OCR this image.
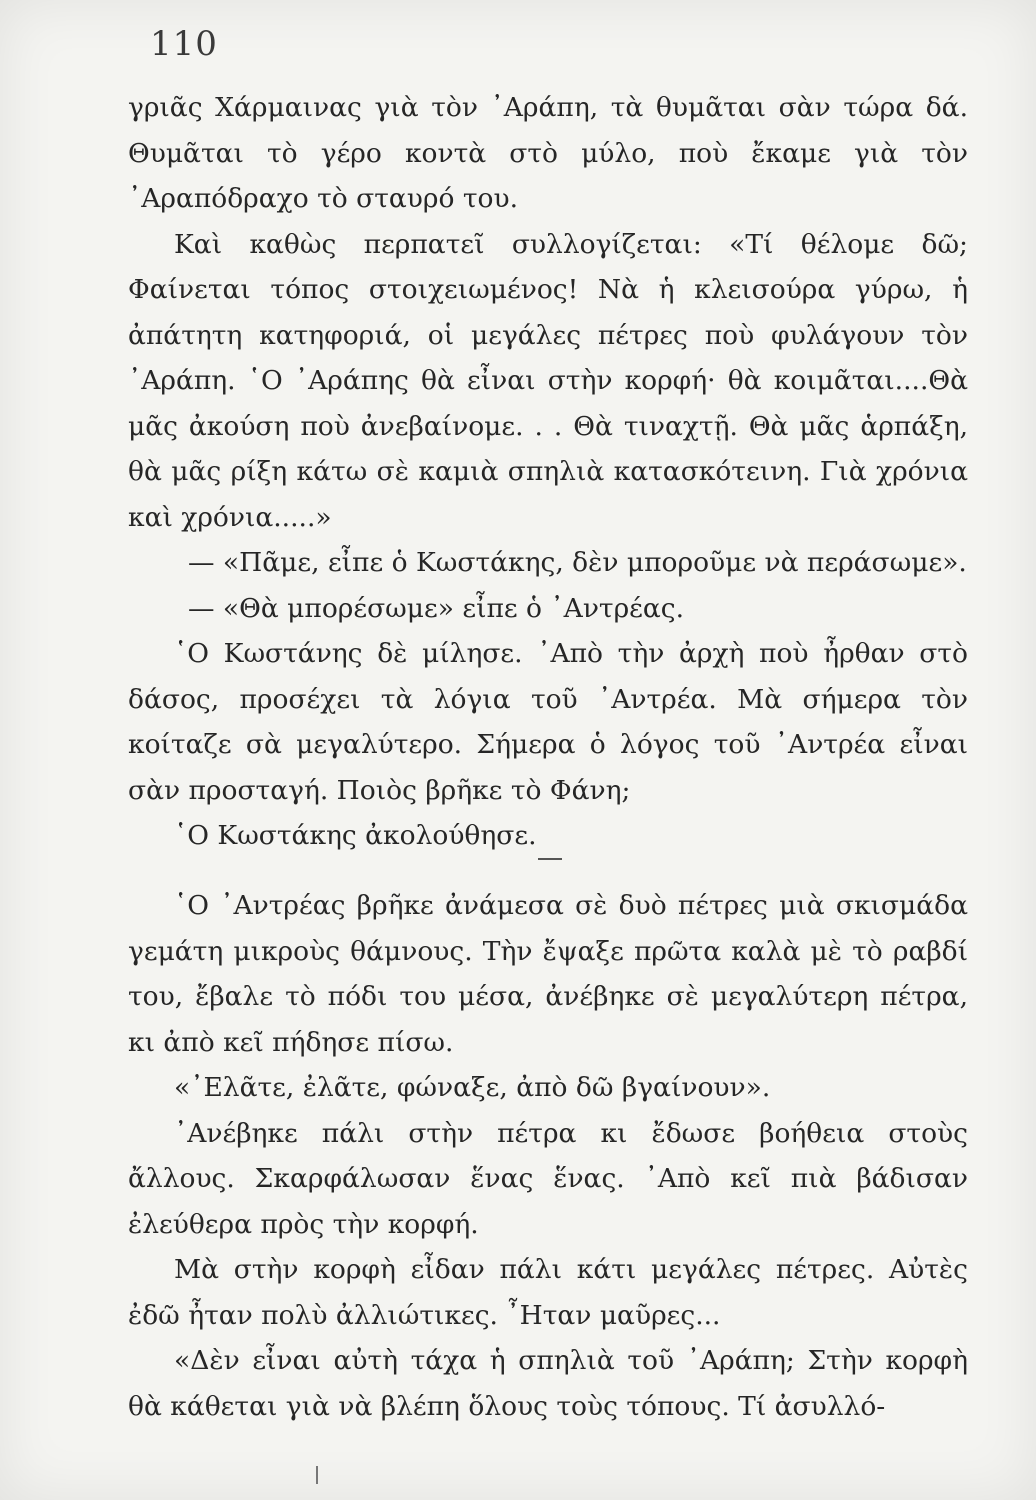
110

γριᾶς Χάρμαινας γιὰ τὸν ᾿Αράπη, τὰ θυμᾶται σὰν τώρα δά. Θυμᾶται τὸ γέρο κοντὰ στὸ μύλο, ποὺ ἔκαμε γιὰ τὸν ᾿Αραπόδραχο τὸ σταυρό του.

Καὶ καθὼς περπατεῖ συλλογίζεται: «Τί θέλομε δῶ; Φαίνεται τόπος στοιχειωμένος! Νὰ ἡ κλεισούρα γύρω, ἡ ἀπάτητη κατηφοριά, οἱ μεγάλες πέτρες ποὺ φυλάγουν τὸν ᾿Αράπη. ῾Ο ᾿Αράπης θὰ εἶναι στὴν κορφή· θὰ κοιμᾶται....Θὰ μᾶς ἀκούση ποὺ ἀνεβαίνομε. . . Θὰ τιναχτῇ. Θὰ μᾶς ἁρπάξη, θὰ μᾶς ρίξη κάτω σὲ καμιὰ σπηλιὰ κατασκότεινη. Γιὰ χρόνια καὶ χρόνια.....»

— «Πᾶμε, εἶπε ὁ Κωστάκης, δὲν μποροῦμε νὰ περάσωμε».

— «Θὰ μπορέσωμε» εἶπε ὁ ᾿Αντρέας.

῾Ο Κωστάνης δὲ μίλησε. ᾿Απὸ τὴν ἀρχὴ ποὺ ἦρθαν στὸ δάσος, προσέχει τὰ λόγια τοῦ ᾿Αντρέα. Μὰ σήμερα τὸν κοίταζε σὰ μεγαλύτερο. Σήμερα ὁ λόγος τοῦ ᾿Αντρέα εἶναι σὰν προσταγή. Ποιὸς βρῆκε τὸ Φάνη;

῾Ο Κωστάκης ἀκολούθησε.

῾Ο ᾿Αντρέας βρῆκε ἀνάμεσα σὲ δυὸ πέτρες μιὰ σκισμάδα γεμάτη μικροὺς θάμνους. Τὴν ἔψαξε πρῶτα καλὰ μὲ τὸ ραβδί του, ἔβαλε τὸ πόδι του μέσα, ἀνέβηκε σὲ μεγαλύτερη πέτρα, κι ἀπὸ κεῖ πήδησε πίσω.

«᾿Ελᾶτε, ἐλᾶτε, φώναξε, ἀπὸ δῶ βγαίνουν».

᾿Ανέβηκε πάλι στὴν πέτρα κι ἔδωσε βοήθεια στοὺς ἄλλους. Σκαρφάλωσαν ἕνας ἕνας. ᾿Απὸ κεῖ πιὰ βάδισαν ἐλεύθερα πρὸς τὴν κορφή.

Μὰ στὴν κορφὴ εἶδαν πάλι κάτι μεγάλες πέτρες. Αὐτὲς ἐδῶ ἦταν πολὺ ἀλλιώτικες. ῏Ηταν μαῦρες...

«Δὲν εἶναι αὐτὴ τάχα ἡ σπηλιὰ τοῦ ᾿Αράπη; Στὴν κορφὴ θὰ κάθεται γιὰ νὰ βλέπη ὅλους τοὺς τόπους. Τί ἀσυλλό-
